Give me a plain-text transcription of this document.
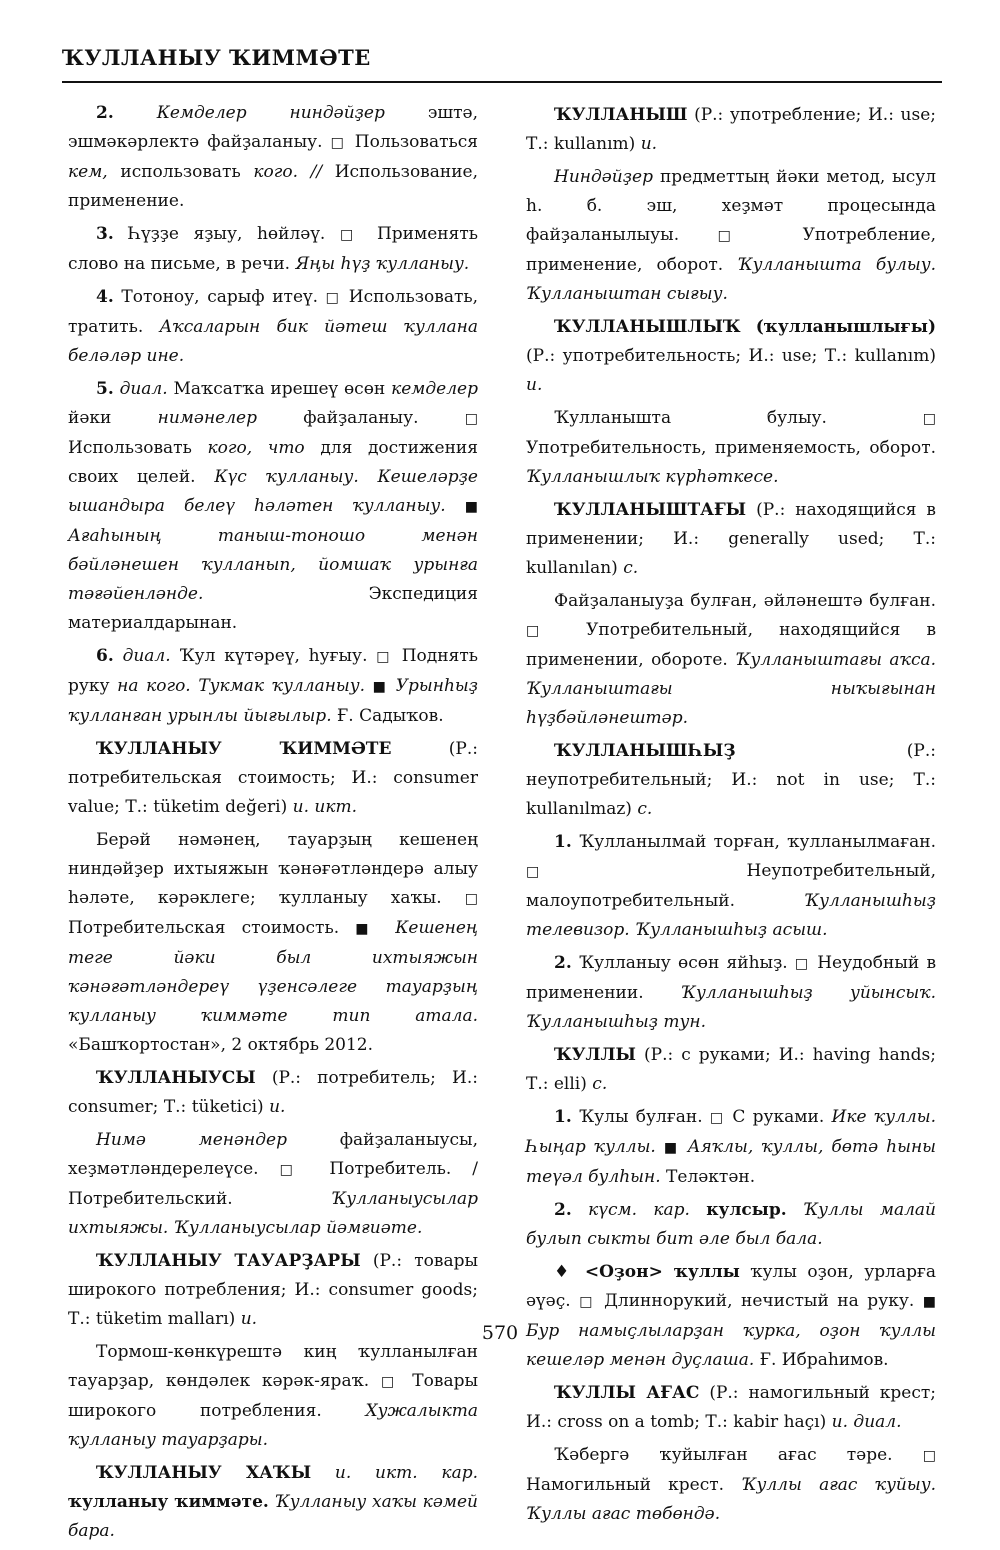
ҠУЛЛАНЫУ ҠИММӘТЕ

2.	Кемделер ниндәйҙер	эштә, эшмәкәрлектә файҙаланыу. □ Пользоваться кем, использовать кого. // Использование, применение.

3. Һүҙҙе яҙыу, һөйләү. □ Применять слово на письме, в речи. Яңы һүҙ ҡулланыу.

4. Тотоноу, сарыф итеү. □ Использовать, тратить. Аҡсаларын бик йәтеш ҡуллана беләләр ине.

5. диал. Маҡсатҡа ирешеү өсөн кемделер йәки	нимәнелер	файҙаланыу.	□ Использовать кого, что для достижения своих целей. Күс ҡулланыу. Кешеләрҙе ышандыра белеү һәләтен ҡулланыу. ■ Ағаһының таныш-тоношо менән бәйләнешен ҡулланып, йомшаҡ урынға тәғәйенләнде.	Экспедиция материалдарынан.

6. диал. Ҡул күтәреү, һуғыу. □ Поднять руку на кого. Тукмак ҡулланыу. ■ Урынһыҙ ҡулланған урынлы йығылыр. Ғ. Садыҡов.

ҠУЛЛАНЫУ ҠИММӘТЕ	(Р.: потребительская стоимость; И.: consumer value; Т.: tüketim değeri) и. икт.

Берәй нәмәнең, тауарҙың кешенең ниндәйҙер ихтыяжын ҡәнәғәтләндерә алыу һәләте, кәрәклеге; ҡулланыу хаҡы. □ Потребительская стоимость. ■ Кешенең теге йәки был ихтыяжын ҡәнәғәтләндереү үҙенсәлеге тауарҙың ҡулланыу ҡиммәте тип атала. «Башҡортостан», 2 октябрь 2012.

ҠУЛЛАНЫУСЫ (Р.: потребитель; И.: consumer; Т.: tüketici) и.

Нимә менәндер	файҙаланыусы, хеҙмәтләндерелеүсе. □ Потребитель. / Потребительский.	Ҡулланыусылар ихтыяжы. Ҡулланыусылар йәмғиәте.

ҠУЛЛАНЫУ ТАУАРҘАРЫ (Р.: товары широкого потребления; И.: consumer goods; Т.: tüketim malları) и.

Тормош-көнкүрештә киң ҡулланылған тауарҙар, көндәлек кәрәк-яраҡ. □ Товары широкого потребления.	Хужалыкта ҡулланыу тауарҙары.

ҠУЛЛАНЫУ ХАҠЫ и. икт. кар. ҡулланыу ҡиммәте. Ҡулланыу хаҡы кәмей бара.

ҠУЛЛАНЫШ (Р.: употребление; И.: use; Т.: kullanım) и.

Ниндәйҙер предметтың йәки метод, ысул һ. б. эш, хеҙмәт процесында файҙаланылыуы.	□ Употребление, применение, оборот. Ҡулланышта булыу. Ҡулланыштан сығыу.

ҠУЛЛАНЫШЛЫҠ (ҡулланышлығы) (Р.: употребительность; И.: use; Т.: kullanım) и.

Ҡулланышта булыу.	□ Употребительность, применяемость, оборот. Ҡулланышлыҡ күрһәткесе.

ҠУЛЛАНЫШТАҒЫ (Р.: находящийся в применении; И.: generally used; Т.: kullanılan) с.

Файҙаланыуҙа булған, әйләнештә булған. □ Употребительный, находящийся в применении, обороте. Ҡулланыштағы аҡса. Ҡулланыштағы ныҡығынан һүҙбәйләнештәр.

ҠУЛЛАНЫШҺЫҘ	(Р.: неупотребительный; И.: not in use; Т.: kullanılmaz) с.

1. Ҡулланылмай торған, ҡулланылмаған. □	Неупотребительный, малоупотребительный.	Ҡулланышһыҙ телевизор. Ҡулланышһыҙ асыш.

2. Ҡулланыу өсөн яйһыҙ. □ Неудобный в применении. Ҡулланышһыҙ уйынсыҡ. Ҡулланышһыҙ тун.

ҠУЛЛЫ (Р.: с руками; И.: having hands; Т.: elli) с.

1. Ҡулы булған. □ С руками. Ике ҡуллы. Һыңар ҡуллы. ■ Аяҡлы, ҡуллы, бөтә һыны теүәл булһын. Теләктән.

2. күсм. кар. кулсыр. Ҡуллы малай булып сыкты бит әле был бала.

♦ <Оҙон> ҡуллы ҡулы оҙон, урларға әүәҫ. □ Длиннорукий, нечистый на руку. ■ Бур намыҫлыларҙан ҡурка, оҙон ҡуллы кешеләр менән дуҫлаша. Ғ. Ибраһимов.

ҠУЛЛЫ АҒАС (Р.: намогильный крест; И.: cross on a tomb; Т.: kabir haçı) и. диал.

Ҡәбергә ҡуйылған ағас тәре. □ Намогильный крест. Ҡуллы ағас ҡуйыу. Ҡуллы ағас төбөндә.

570
